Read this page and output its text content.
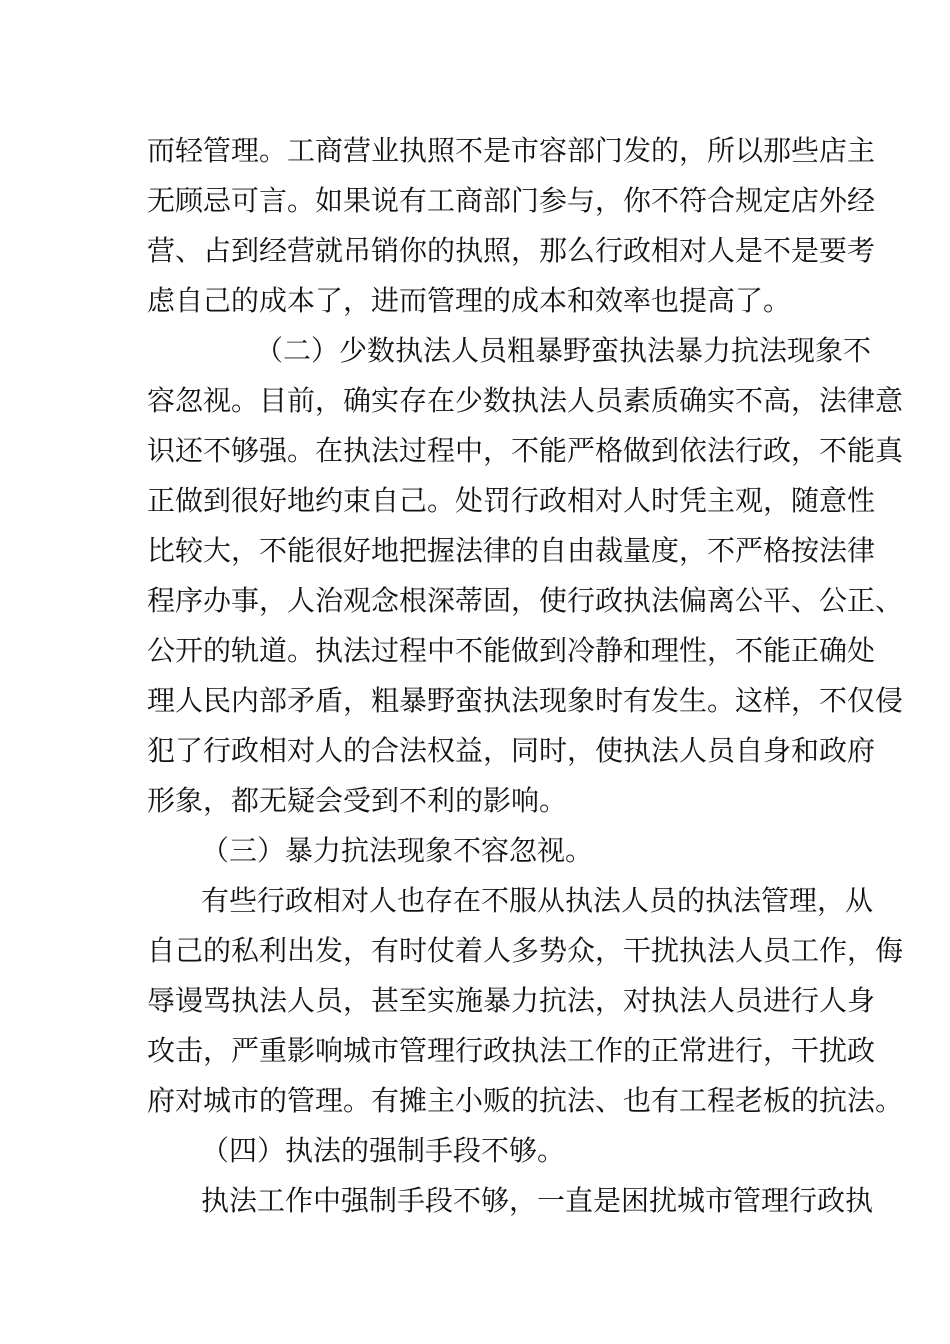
而轻管理。工商营业执照不是市容部门发的，所以那些店主
无顾忌可言。如果说有工商部门参与，你不符合规定店外经
营、占到经营就吊销你的执照，那么行政相对人是不是要考
虑自己的成本了，进而管理的成本和效率也提高了。
（二）少数执法人员粗暴野蛮执法暴力抗法现象不
容忽视。目前，确实存在少数执法人员素质确实不高，法律意
识还不够强。在执法过程中，不能严格做到依法行政，不能真
正做到很好地约束自己。处罚行政相对人时凭主观，随意性
比较大，不能很好地把握法律的自由裁量度，不严格按法律
程序办事，人治观念根深蒂固，使行政执法偏离公平、公正、
公开的轨道。执法过程中不能做到冷静和理性，不能正确处
理人民内部矛盾，粗暴野蛮执法现象时有发生。这样，不仅侵
犯了行政相对人的合法权益，同时，使执法人员自身和政府
形象，都无疑会受到不利的影响。
（三）暴力抗法现象不容忽视。
有些行政相对人也存在不服从执法人员的执法管理，从
自己的私利出发，有时仗着人多势众，干扰执法人员工作，侮
辱谩骂执法人员，甚至实施暴力抗法，对执法人员进行人身
攻击，严重影响城市管理行政执法工作的正常进行，干扰政
府对城市的管理。有摊主小贩的抗法、也有工程老板的抗法。
（四）执法的强制手段不够。
执法工作中强制手段不够，一直是困扰城市管理行政执
